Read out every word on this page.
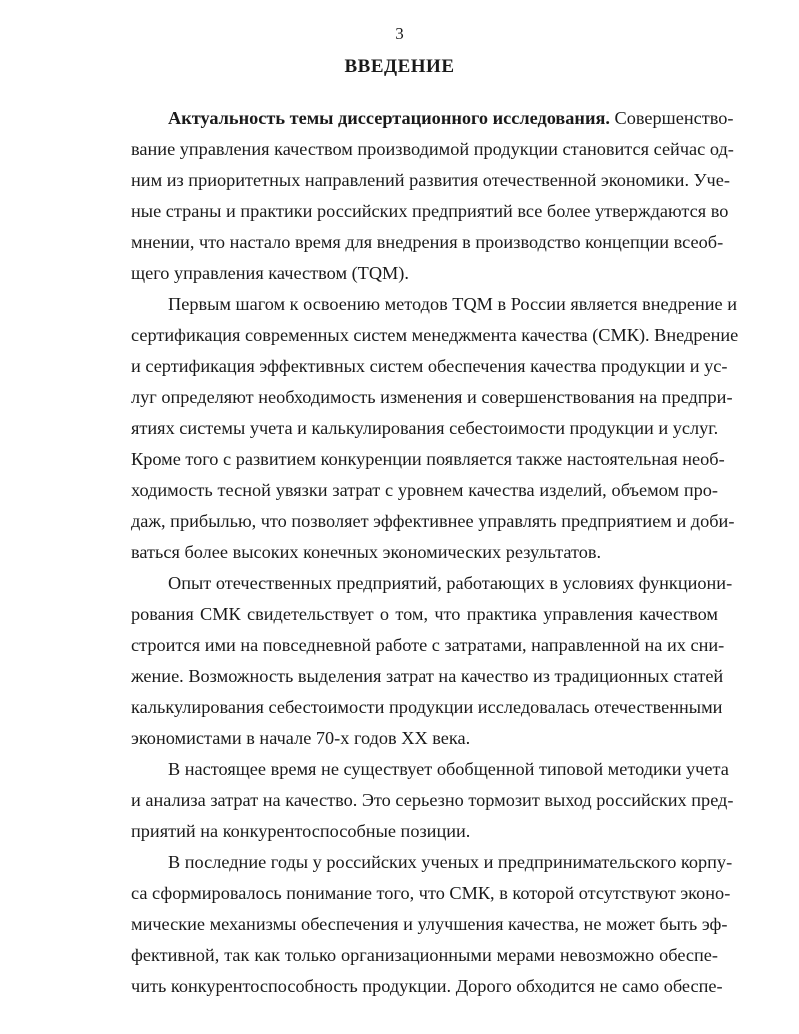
3
ВВЕДЕНИЕ
Актуальность темы диссертационного исследования. Совершенство-
вание управления качеством производимой продукции становится сейчас од-
ним из приоритетных направлений развития отечественной экономики. Уче-
ные страны и практики российских предприятий все более утверждаются во
мнении, что настало время для внедрения в производство концепции всеоб-
щего управления качеством (TQM).
Первым шагом к освоению методов TQM в России является внедрение и
сертификация современных систем менеджмента качества (СМК). Внедрение
и сертификация эффективных систем обеспечения качества продукции и ус-
луг определяют необходимость изменения и совершенствования на предпри-
ятиях системы учета и калькулирования себестоимости продукции и услуг.
Кроме того с развитием конкуренции появляется также настоятельная необ-
ходимость тесной увязки затрат с уровнем качества изделий, объемом про-
даж, прибылью, что позволяет эффективнее управлять предприятием и доби-
ваться более высоких конечных экономических результатов.
Опыт отечественных предприятий, работающих в условиях функциони-
рования СМК свидетельствует о том, что практика управления качеством
строится ими на повседневной работе с затратами, направленной на их сни-
жение. Возможность выделения затрат на качество из традиционных статей
калькулирования себестоимости продукции исследовалась отечественными
экономистами в начале 70-х годов XX века.
В настоящее время не существует обобщенной типовой методики учета
и анализа затрат на качество. Это серьезно тормозит выход российских пред-
приятий на конкурентоспособные позиции.
В последние годы у российских ученых и предпринимательского корпу-
са сформировалось понимание того, что СМК, в которой отсутствуют эконо-
мические механизмы обеспечения и улучшения качества, не может быть эф-
фективной, так как только организационными мерами невозможно обеспе-
чить конкурентоспособность продукции. Дорого обходится не само обеспе-
